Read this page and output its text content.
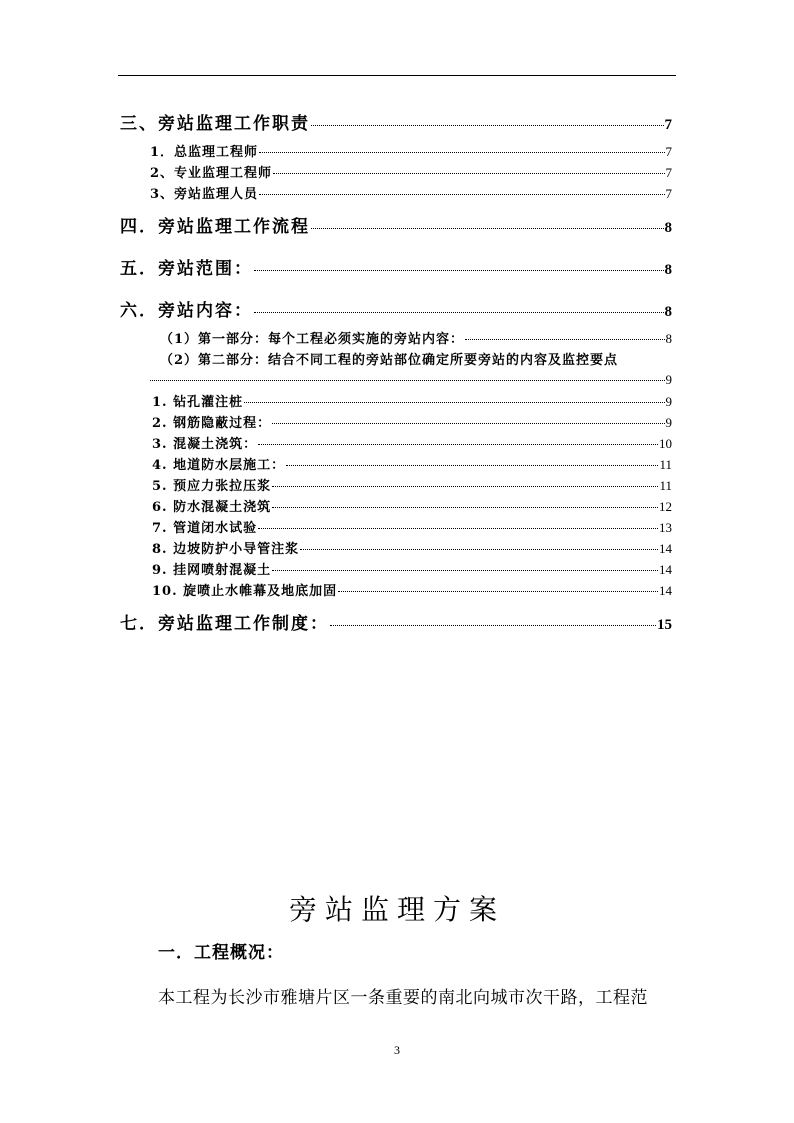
三、旁站监理工作职责	7
1．总监理工程师	7
2、专业监理工程师	7
3、旁站监理人员	7
四．旁站监理工作流程	8
五．旁站范围：	8
六．旁站内容：	8
（1）第一部分：每个工程必须实施的旁站内容：	8
（2）第二部分：结合不同工程的旁站部位确定所要旁站的内容及监控要点
9
1. 钻孔灌注桩	9
2. 钢筋隐蔽过程：	9
3. 混凝土浇筑：	10
4. 地道防水层施工：	11
5. 预应力张拉压浆	11
6. 防水混凝土浇筑	12
7. 管道闭水试验	13
8. 边坡防护小导管注浆	14
9. 挂网喷射混凝土	14
10. 旋喷止水帷幕及地底加固	14
七．旁站监理工作制度：	15
旁站监理方案
一．工程概况：
本工程为长沙市雅塘片区一条重要的南北向城市次干路，工程范
3
